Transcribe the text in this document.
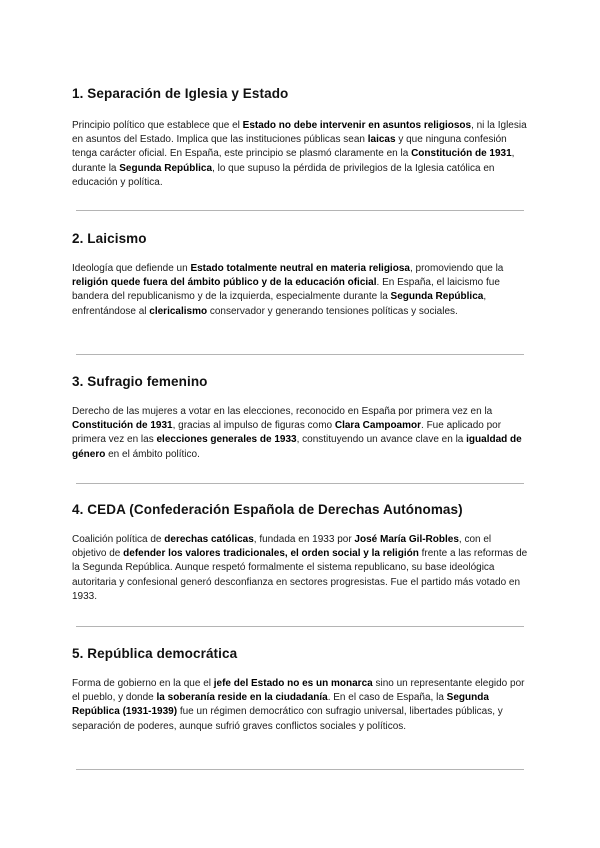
1. Separación de Iglesia y Estado

Principio político que establece que el Estado no debe intervenir en asuntos religiosos, ni la Iglesia en asuntos del Estado. Implica que las instituciones públicas sean laicas y que ninguna confesión tenga carácter oficial. En España, este principio se plasmó claramente en la Constitución de 1931, durante la Segunda República, lo que supuso la pérdida de privilegios de la Iglesia católica en educación y política.

2. Laicismo

Ideología que defiende un Estado totalmente neutral en materia religiosa, promoviendo que la religión quede fuera del ámbito público y de la educación oficial. En España, el laicismo fue bandera del republicanismo y de la izquierda, especialmente durante la Segunda República, enfrentándose al clericalismo conservador y generando tensiones políticas y sociales.

3. Sufragio femenino

Derecho de las mujeres a votar en las elecciones, reconocido en España por primera vez en la Constitución de 1931, gracias al impulso de figuras como Clara Campoamor. Fue aplicado por primera vez en las elecciones generales de 1933, constituyendo un avance clave en la igualdad de género en el ámbito político.

4. CEDA (Confederación Española de Derechas Autónomas)

Coalición política de derechas católicas, fundada en 1933 por José María Gil-Robles, con el objetivo de defender los valores tradicionales, el orden social y la religión frente a las reformas de la Segunda República. Aunque respetó formalmente el sistema republicano, su base ideológica autoritaria y confesional generó desconfianza en sectores progresistas. Fue el partido más votado en 1933.

5. República democrática

Forma de gobierno en la que el jefe del Estado no es un monarca sino un representante elegido por el pueblo, y donde la soberanía reside en la ciudadanía. En el caso de España, la Segunda República (1931-1939) fue un régimen democrático con sufragio universal, libertades públicas, y separación de poderes, aunque sufrió graves conflictos sociales y políticos.
